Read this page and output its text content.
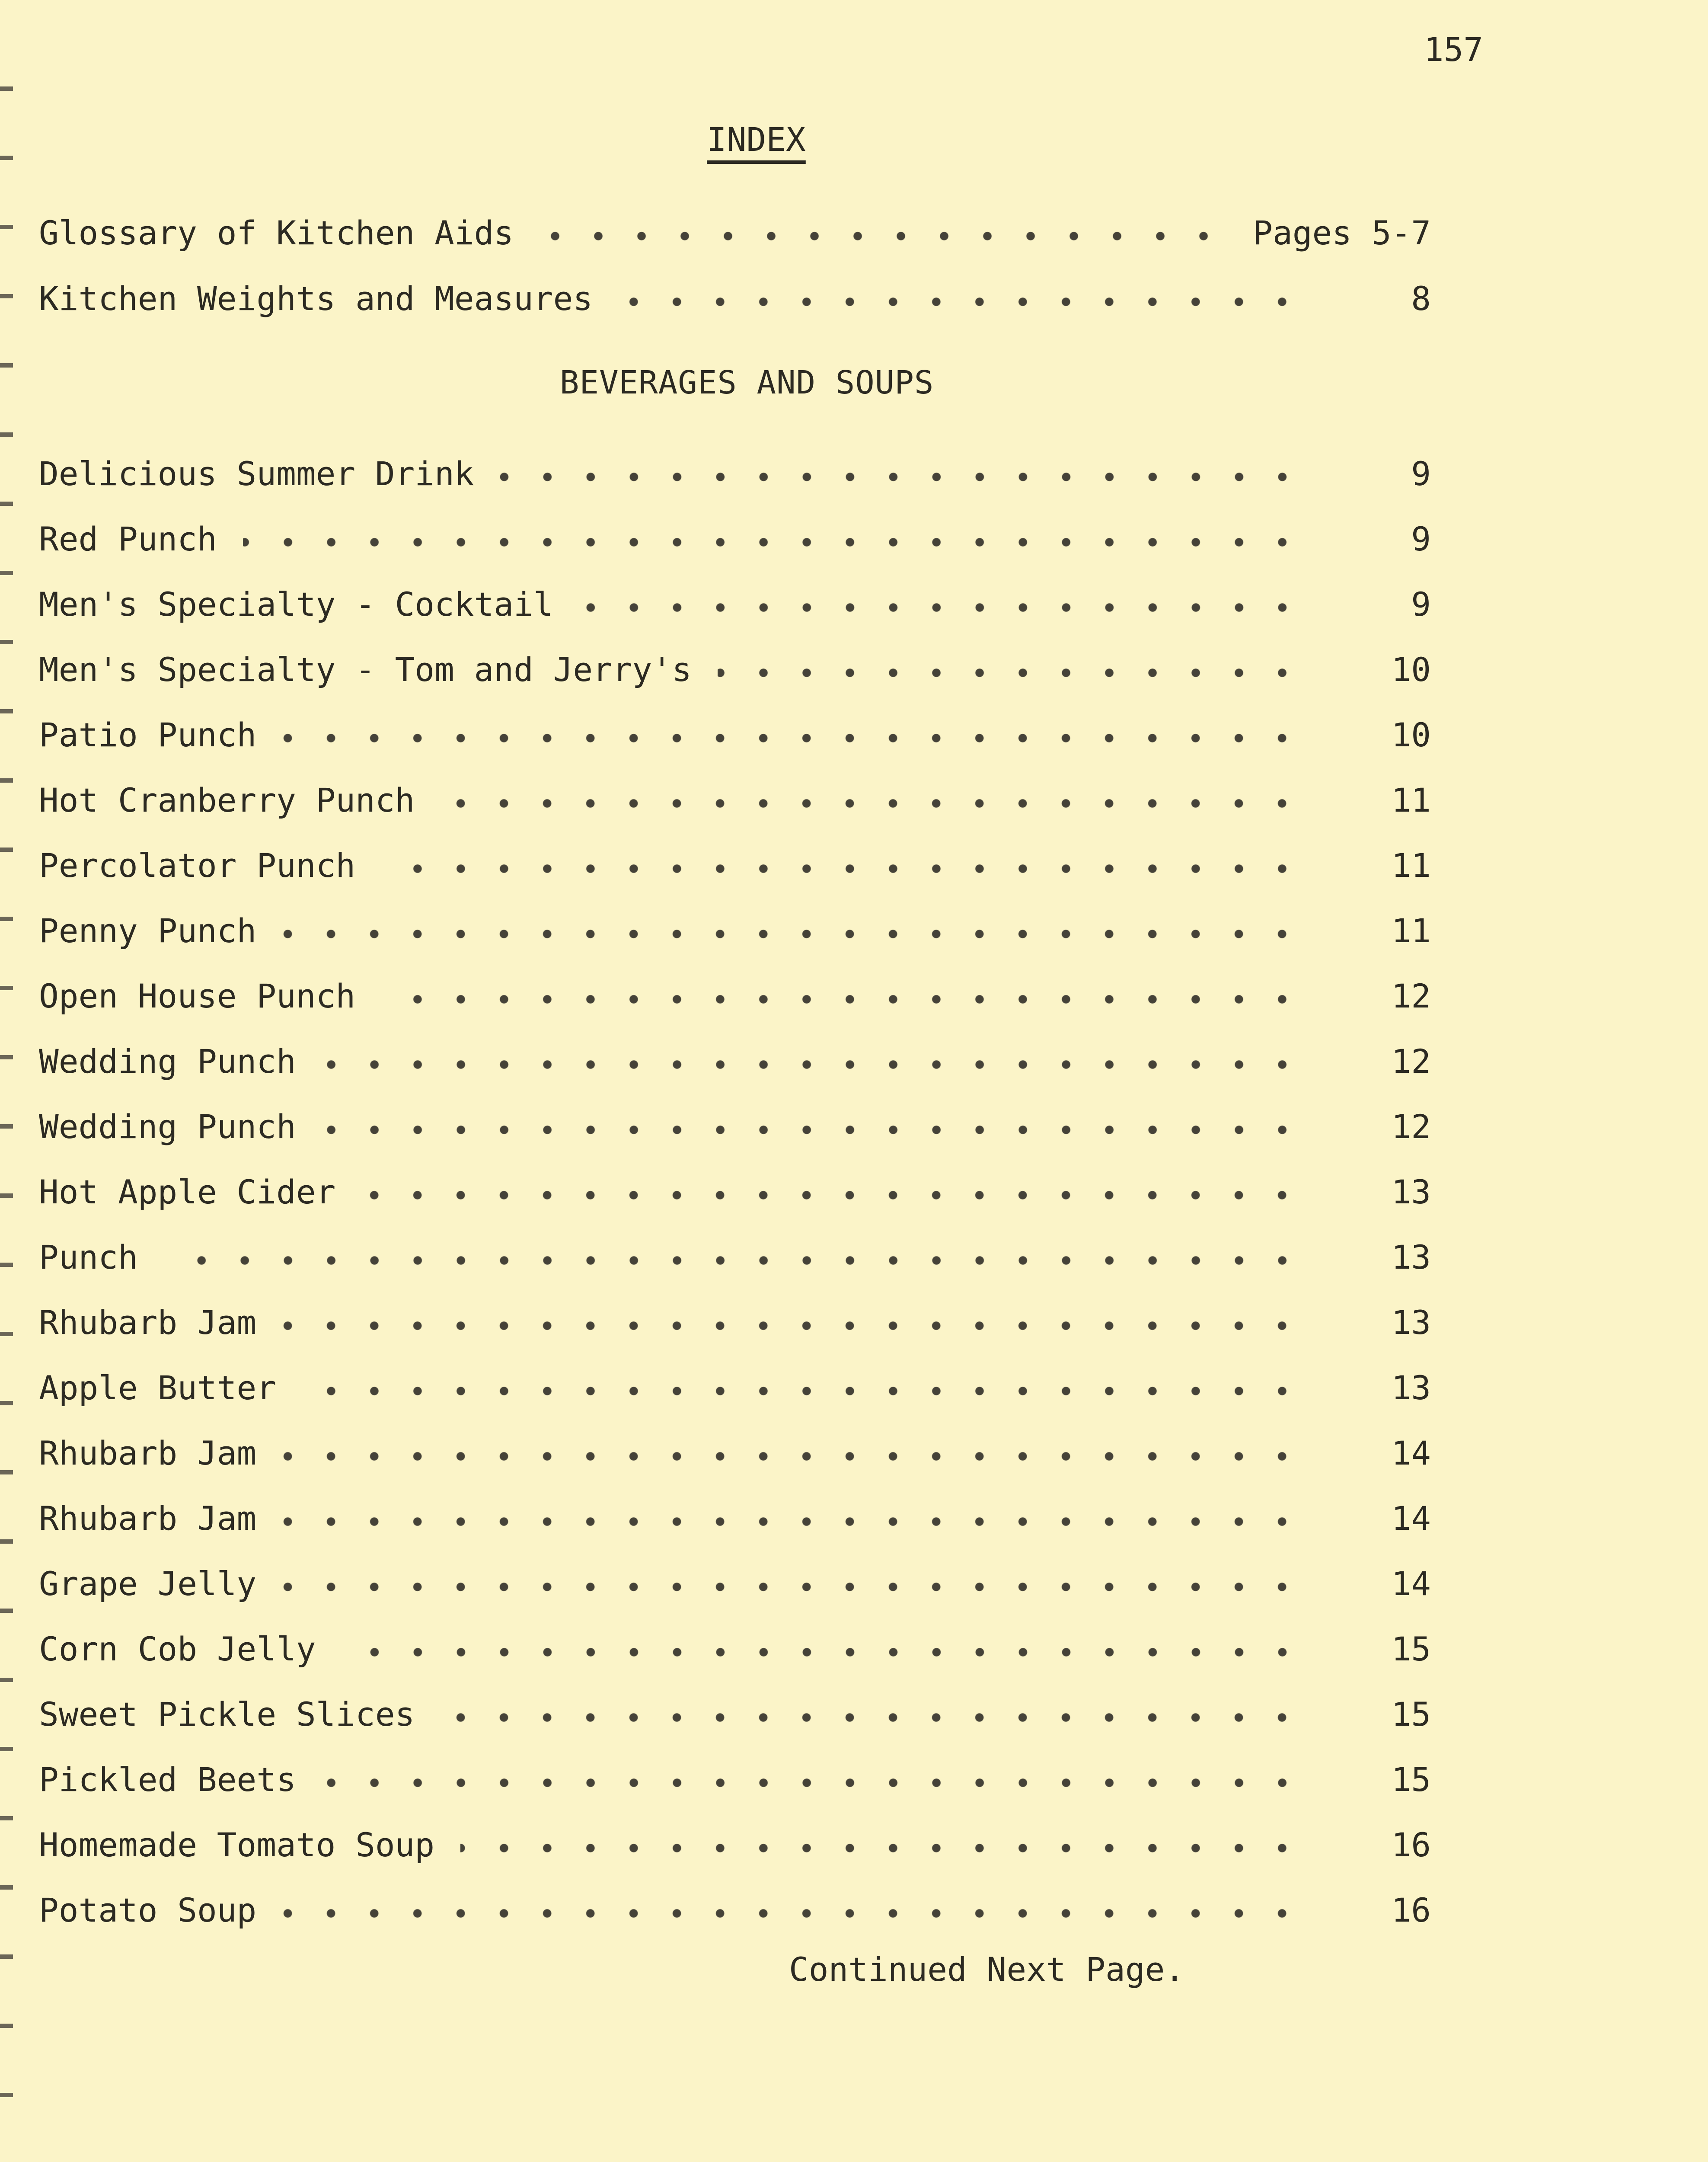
157
INDEX
Glossary of Kitchen Aids	Pages 5-7
Kitchen Weights and Measures	8
BEVERAGES AND SOUPS
Delicious Summer Drink	9
Red Punch	9
Men's Specialty - Cocktail	9
Men's Specialty - Tom and Jerry's	10
Patio Punch	10
Hot Cranberry Punch	11
Percolator Punch	11
Penny Punch	11
Open House Punch	12
Wedding Punch	12
Wedding Punch	12
Hot Apple Cider	13
Punch	13
Rhubarb Jam	13
Apple Butter	13
Rhubarb Jam	14
Rhubarb Jam	14
Grape Jelly	14
Corn Cob Jelly	15
Sweet Pickle Slices	15
Pickled Beets	15
Homemade Tomato Soup	16
Potato Soup	16
Continued Next Page.
